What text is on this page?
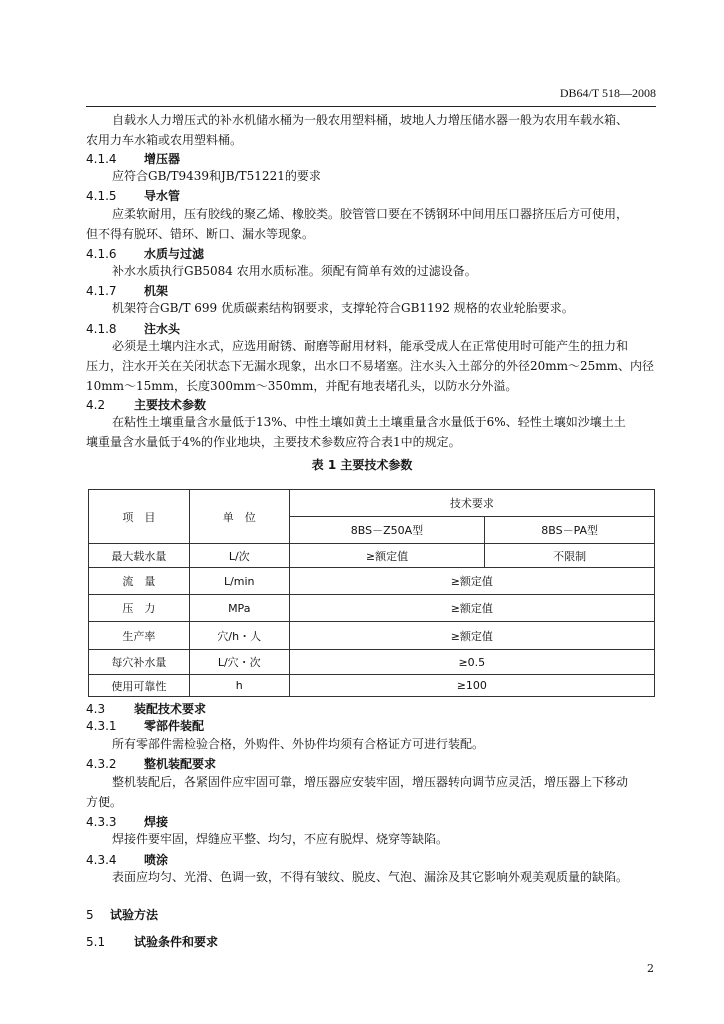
DB64/T 518—2008
自载水人力增压式的补水机储水桶为一般农用塑料桶，坡地人力增压储水器一般为农用车载水箱、
农用力车水箱或农用塑料桶。
4.1.4 增压器
应符合GB/T9439和JB/T51221的要求
4.1.5 导水管
应柔软耐用，压有胶线的聚乙烯、橡胶类。胶管管口要在不锈钢环中间用压口器挤压后方可使用，
但不得有脱环、错环、断口、漏水等现象。
4.1.6 水质与过滤
补水水质执行GB5084 农用水质标准。须配有简单有效的过滤设备。
4.1.7 机架
机架符合GB/T 699 优质碳素结构钢要求，支撑轮符合GB1192 规格的农业轮胎要求。
4.1.8 注水头
必须是土壤内注水式，应选用耐锈、耐磨等耐用材料，能承受成人在正常使用时可能产生的扭力和
压力，注水开关在关闭状态下无漏水现象，出水口不易堵塞。注水头入土部分的外径20mm～25mm、内径
10mm～15mm，长度300mm～350mm，并配有地表堵孔头，以防水分外溢。
4.2 主要技术参数
在粘性土壤重量含水量低于13%、中性土壤如黄土土壤重量含水量低于6%、轻性土壤如沙壤土土
壤重量含水量低于4%的作业地块，主要技术参数应符合表1中的规定。
表 1 主要技术参数
项　目	单　位	技术要求	
		8BS－Z50A型	8BS－PA型
最大载水量	L/次	≥额定值	不限制
流　量	L/min	≥额定值	
压　力	MPa	≥额定值	
生产率	穴/h・人	≥额定值	
每穴补水量	L/穴・次	≥0.5	
使用可靠性	h	≥100	
4.3 装配技术要求
4.3.1 零部件装配
所有零部件需检验合格，外购件、外协件均须有合格证方可进行装配。
4.3.2 整机装配要求
整机装配后，各紧固件应牢固可靠，增压器应安装牢固，增压器转向调节应灵活，增压器上下移动
方便。
4.3.3 焊接
焊接件要牢固，焊缝应平整、均匀，不应有脱焊、烧穿等缺陷。
4.3.4 喷涂
表面应均匀、光滑、色调一致，不得有皱纹、脱皮、气泡、漏涂及其它影响外观美观质量的缺陷。
5 试验方法
5.1 试验条件和要求
2
